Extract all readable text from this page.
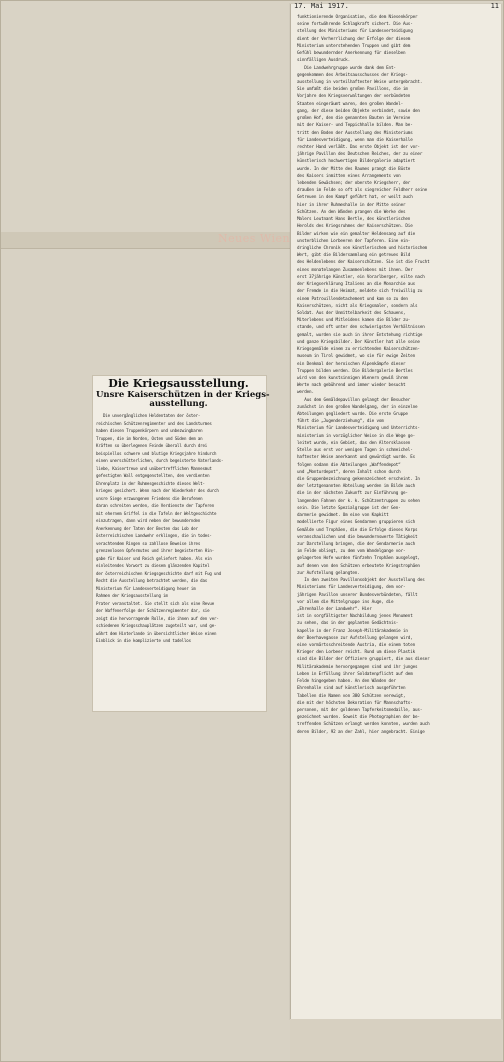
Neues Wien
17. Mai 1917.	11
funktionierende Organisation, die dem Niesenkörper
seine fortwährende Schlagkraft sichert. Die Aus-
stellung des Ministeriums für Landesverteidigung
dient der Verherrlichung der Erfolge der diesem
Ministerium unterstehenden Truppen und gibt dem
Gefühl bewundernder Anerkennung für dieselben
sinnfälligen Ausdruck.
Die Landwehrgruppe wurde dank dem Ent-
gegenkommen des Arbeitsausschusses der Kriegs-
ausstellung in vorteilhaftester Weise untergebracht.
Sie umfaßt die beiden großen Pavillons, die im
Vorjahre den Kriegsverwaltungen der verbündeten
Staaten eingeräumt waren, den großen Wandel-
gang, der diese beiden Objekte verbindet, sowie den
großen Hof, den die genannten Bauten im Vereine
mit der Kaiser- und Teppichhalle bilden. Man be-
tritt den Boden der Ausstellung des Ministeriums
für Landesverteidigung, wenn man die Kaiserhalle
rechter Hand verläßt. Das erste Objekt ist der vor-
jährige Pavillon des Deutschen Reiches, der zu einer
künstlerisch hochwertigen Bildergalerie adaptiert
wurde. In der Mitte des Raumes prangt die Büste
des Kaisers inmitten eines Arrangements von
lebenden Gewächsen; der oberste Kriegsherr, der
draußen im Felde so oft als siegreicher Feldherr seine
Getreuen in den Kampf geführt hat, er weilt auch
hier in ihrer Ruhmeshalle in der Mitte seiner
Schützen. An den Wänden prangen die Werke des
Malers Leutnant Hans Bertle, des künstlerischen
Herolds des Kriegsruhmes der Kaiserschützen. Die
Bilder wirken wie ein gemalter Heldensang auf die
unsterblichen Lorbeeren der Tapferen. Eine ein-
dringliche Chronik von künstlerischem und historischem
Wert, gibt die Bildersammlung ein getreues Bild
des Heldenlebens der Kaiserschützen. Sie ist die Frucht
eines monatelangen Zusammenlebens mit ihnen. Der
erst 37jährige Künstler, ein Vorarlberger, eilte nach
der Kriegserklärung Italiens an die Monarchie aus
der Fremde in die Heimat, meldete sich freiwillig zu
einem Patrouillendetachement und kam so zu den
Kaiserschützen, nicht als Kriegsmaler, sondern als
Soldat. Aus der Unmittelbarkeit des Schauens,
Miterlebens und Mitleidens kamen die Bilder zu-
stande, und oft unter den schwierigsten Verhältnissen
gemalt, wurden sie auch in ihrer Entstehung richtige
und ganze Kriegsbilder. Der Künstler hat alle seine
Kriegsgemälde einem zu errichtenden Kaiserschützen-
museum in Tirol gewidmet, wo sie für ewige Zeiten
ein Denkmal der heroischen Alpenkämpfe dieser
Truppen bilden werden. Die Bildergalerie Bertles
wird von den kunstsinnigen Wienern gewiß ihrem
Werte nach gebührend und immer wieder besucht
werden.
Aus dem Gemäldepavillon gelangt der Besucher
zunächst in den großen Wandelgang, der in einzelne
Abteilungen gegliedert wurde. Die erste Gruppe
führt die „Jugenderziehung“, die vom
Ministerium für Landesverteidigung und Unterrichts-
ministerium in vorzüglicher Weise in die Wege ge-
leitet wurde, ein Gebiet, das den Altersklassen
Stelle aus erst vor wenigen Tagen in schmeichel-
haftester Weise anerkannt und gewürdigt wurde. Es
folgen sodann die Abteilungen „Waffendepot“
und „Monturdepot“, deren Inhalt schon durch
die Gruppenbezeichnung gekennzeichnet erscheint. In
der letztgenannten Abteilung werden im Bilde auch
die in der nächsten Zukunft zur Einführung ge-
langenden Fahnen der k. k. Schützentruppen zu sehen
sein. Die letzte Spezialgruppe ist der Gen-
darmerie gewidmet. Um eine von Kapkitt
modellierte Figur eines Gendarmen gruppieren sich
Gemälde und Trophäen, die die Erfolge dieses Korps
veranschaulichen und die bewundernswerte Tätigkeit
zur Darstellung bringen, die der Gendarmerie auch
im Felde obliegt, zu dem vom Wandelgange vor-
gelagerten Hofe wurden fünfzehn Trophäen ausgelegt,
auf denen von den Schützen erbeutete Kriegstrophäen
zur Aufstellung gelangten.
In den zweiten Pavillonsobjekt der Ausstellung des
Ministeriums für Landesverteidigung, dem vor-
jährigen Pavillon unserer Bundesverbündeten, fällt
vor allem die Mittelgruppe ins Auge, die
„Ehrenhalle der Landwehr“. Hier
ist in sorgfältigster Nachbildung jenes Monument
zu sehen, das in der geplanten Gedächtnis-
kapelle in der Franz Joseph-Militärakademie in
der Boerhavegasse zur Aufstellung gelangen wird,
eine vormärtsschreitende Austria, die einem toten
Krieger den Lorbeer reicht. Rund um diese Plastik
sind die Bilder der Offiziere gruppiert, die aus dieser
Militärakademie hervorgegangen sind und ihr junges
Leben in Erfüllung ihrer Soldatenpflicht auf dem
Felde hingegeben haben. An den Wänden der
Ehrenhalle sind auf künstlerisch ausgeführten
Tabellen die Namen von 380 Schützen verewigt,
die mit der höchsten Dekoration für Mannschafts-
personen, mit der goldenen Tapferkeitsmedaille, aus-
gezeichnet wurden. Soweit die Photographien der be-
treffenden Schützen erlangt werden konnten, wurden auch
deren Bilder, 92 an der Zahl, hier angebracht. Einige
Die Kriegsausstellung.
Unsre Kaiserschützen in der Kriegs-
ausstellung.
Die unvergänglichen Heldentaten der öster-
reichischen Schützenregimenter und des Landsturmes
haben diesen Truppenkörpern und unbezwingbaren
Truppen, die im Norden, Osten und Süden dem an
Kräften so überlegenen Feinde überall durch drei
beispiellos schwere und blutige Kriegsjahre hindurch
einen unerschütterlichen, durch begeisterte Vaterlands-
liebe, Kaisertreue und unübertrefflichen Mannesmut
gefestigten Wall entgegenstellten, den verdienten
Ehrenplatz in der Ruhmesgeschichte dieses Welt-
krieges gesichert. Wenn nach der Wiederkehr des durch
unsre Siege erzwungenen Friedens die Berufenen
daran schreiten werden, die Verdienste der Tapferen
mit ehernem Griffel in die Tafeln der Weltgeschichte
einzutragen, dann wird neben der bewundernden
Anerkennung der Taten der Besten das Lob der
österreichischen Landwehr erklingen, die in todes-
verachtendem Ringen so zahllose Beweise ihres
grenzenlosen Opfermutes und ihrer begeisterten Hin-
gabe für Kaiser und Reich geliefert haben. Als ein
einleitendes Vorwort zu diesem glänzenden Kapitel
der österreichischen Kriegsgeschichte darf mit Fug und
Recht die Ausstellung betrachtet werden, die das
Ministerium für Landesverteidigung heuer im
Rahmen der Kriegsausstellung im
Prater veranstaltet. Sie stellt sich als eine Revue
der Waffenerfolge der Schützenregimenter dar, sie
zeigt die hervorragende Rolle, die ihnen auf den ver-
schiedenen Kriegsschauplätzen zugeteilt war, und ge-
währt dem Hinterlande in übersichtlicher Weise einen
Einblick in die komplizierte und tadellos
